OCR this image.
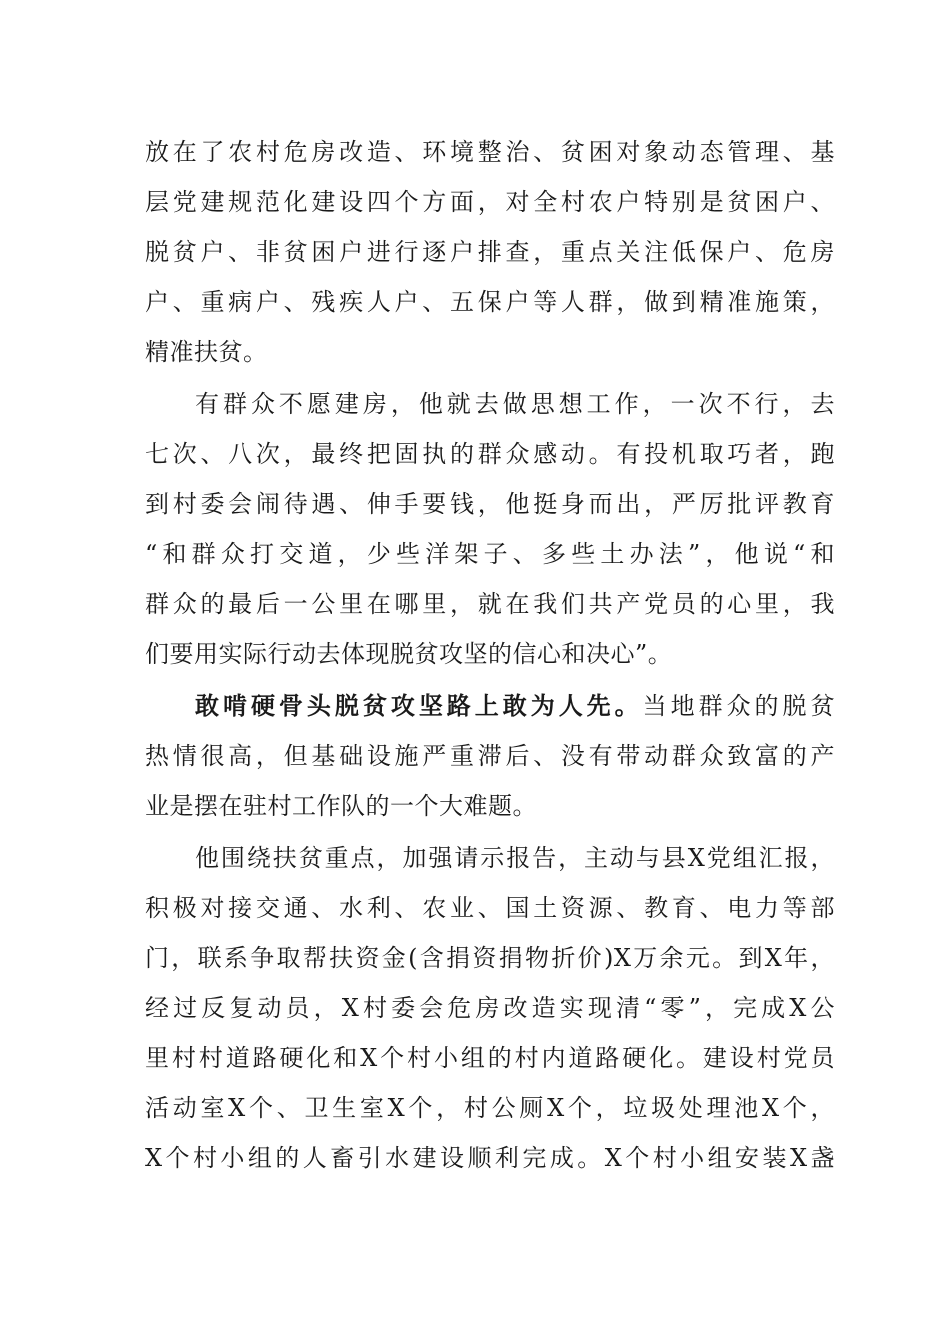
放在了农村危房改造、环境整治、贫困对象动态管理、基
层党建规范化建设四个方面，对全村农户特别是贫困户、
脱贫户、非贫困户进行逐户排查，重点关注低保户、危房
户、重病户、残疾人户、五保户等人群，做到精准施策，
精准扶贫。
有群众不愿建房，他就去做思想工作，一次不行，去
七次、八次，最终把固执的群众感动。有投机取巧者，跑
到村委会闹待遇、伸手要钱，他挺身而出，严厉批评教育
“和群众打交道，少些洋架子、多些土办法”，他说“和
群众的最后一公里在哪里，就在我们共产党员的心里，我
们要用实际行动去体现脱贫攻坚的信心和决心”。
敢啃硬骨头脱贫攻坚路上敢为人先。当地群众的脱贫
热情很高，但基础设施严重滞后、没有带动群众致富的产
业是摆在驻村工作队的一个大难题。
他围绕扶贫重点，加强请示报告，主动与县X党组汇报，
积极对接交通、水利、农业、国土资源、教育、电力等部
门，联系争取帮扶资金(含捐资捐物折价)X万余元。到X年，
经过反复动员，X村委会危房改造实现清“零”，完成X公
里村村道路硬化和X个村小组的村内道路硬化。建设村党员
活动室X个、卫生室X个，村公厕X个，垃圾处理池X个，
X个村小组的人畜引水建设顺利完成。X个村小组安装X盏
